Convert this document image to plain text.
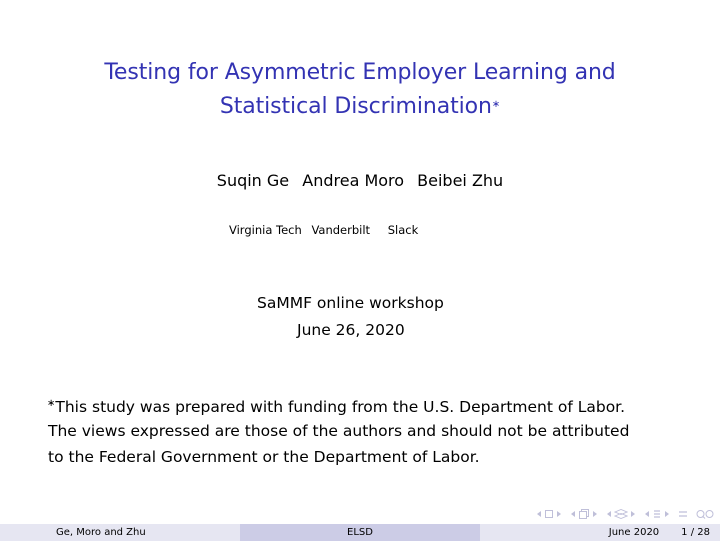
Testing for Asymmetric Employer Learning and
Statistical Discrimination∗
Suqin Ge Andrea Moro Beibei Zhu
Virginia Tech Vanderbilt Slack
SaMMF online workshop
June 26, 2020
∗This study was prepared with funding from the U.S. Department of Labor.
The views expressed are those of the authors and should not be attributed
to the Federal Government or the Department of Labor.
Ge, Moro and Zhu	ELSD	June 2020 1 / 28
